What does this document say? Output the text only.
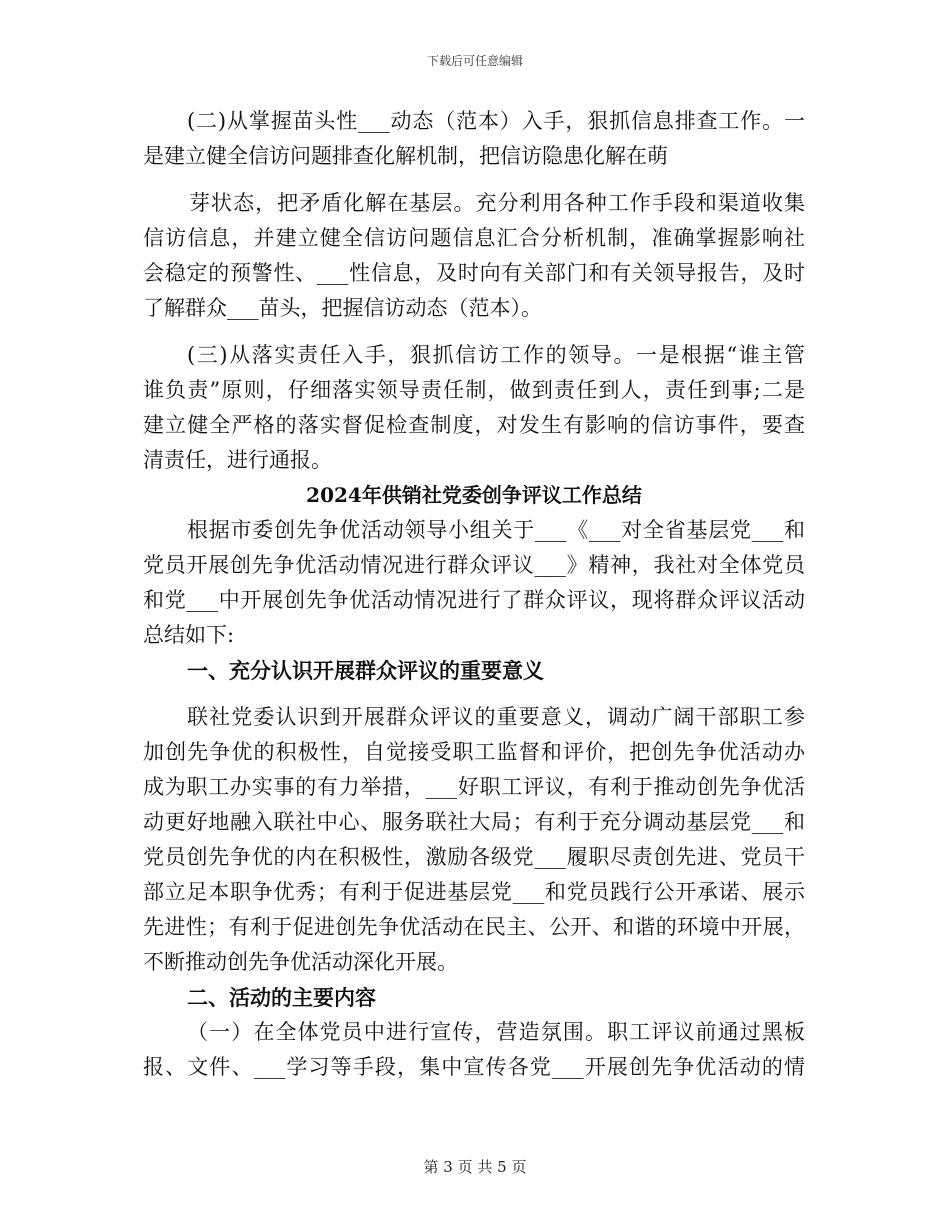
下载后可任意编辑
(二)从掌握苗头性___动态（范本）入手，狠抓信息排查工作。一
是建立健全信访问题排查化解机制，把信访隐患化解在萌
芽状态，把矛盾化解在基层。充分利用各种工作手段和渠道收集
信访信息，并建立健全信访问题信息汇合分析机制，准确掌握影响社
会稳定的预警性、___性信息，及时向有关部门和有关领导报告，及时
了解群众___苗头，把握信访动态（范本）。
(三)从落实责任入手，狠抓信访工作的领导。一是根据“谁主管
谁负责”原则，仔细落实领导责任制，做到责任到人，责任到事;二是
建立健全严格的落实督促检查制度，对发生有影响的信访事件，要查
清责任，进行通报。
2024年供销社党委创争评议工作总结
根据市委创先争优活动领导小组关于___《___对全省基层党___和
党员开展创先争优活动情况进行群众评议___》精神，我社对全体党员
和党___中开展创先争优活动情况进行了群众评议，现将群众评议活动
总结如下:
一、充分认识开展群众评议的重要意义
联社党委认识到开展群众评议的重要意义，调动广阔干部职工参
加创先争优的积极性，自觉接受职工监督和评价，把创先争优活动办
成为职工办实事的有力举措，___好职工评议，有利于推动创先争优活
动更好地融入联社中心、服务联社大局；有利于充分调动基层党___和
党员创先争优的内在积极性，激励各级党___履职尽责创先进、党员干
部立足本职争优秀；有利于促进基层党___和党员践行公开承诺、展示
先进性；有利于促进创先争优活动在民主、公开、和谐的环境中开展，
不断推动创先争优活动深化开展。
二、活动的主要内容
（一）在全体党员中进行宣传，营造氛围。职工评议前通过黑板
报、文件、___学习等手段，集中宣传各党___开展创先争优活动的情
第 3 页 共 5 页
